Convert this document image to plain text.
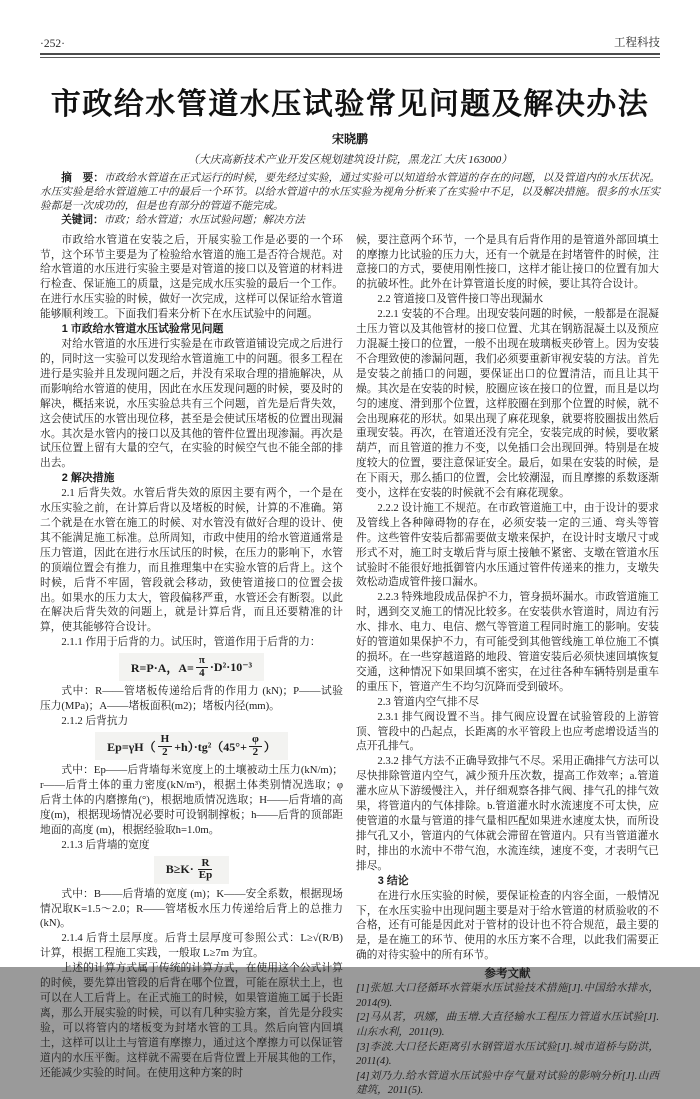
·252·	工程科技
市政给水管道水压试验常见问题及解决办法
宋晓鹏
（大庆高新技术产业开发区规划建筑设计院，黑龙江 大庆 163000）

摘　要：市政给水管道在正式运行的时候，要先经过实验，通过实验可以知道给水管道的存在的问题，以及管道内的水压状况。水压实验是给水管道施工中的最后一个环节。以给水管道中的水压实验为视角分析来了在实验中不足，以及解决措施。很多的水压实验都是一次成功的，但是也有部分的管道不能完成。

关键词：市政；给水管道；水压试验问题；解决方法

市政给水管道在安装之后，开展实验工作是必要的一个环节，这个环节主要是为了检验给水管道的施工是否符合规范。对给水管道的水压进行实验主要是对管道的接口以及管道的材料进行检查、保证施工的质量，这是完成水压实验的最后一个工作。在进行水压实验的时候，做好一次完成，这样可以保证给水管道能够顺利竣工。下面我们看来分析下在水压试验中的问题。

1 市政给水管道水压试验常见问题

对给水管道的水压进行实验是在市政管道铺设完成之后进行的，同时这一实验可以发现给水管道施工中的问题。很多工程在进行是实验并且发现问题之后，并没有采取合理的措施解决，从而影响给水管道的使用，因此在水压发现问题的时候，要及时的解决，概括来说，水压实验总共有三个问题，首先是后背失效，这会使试压的水管出现位移，甚至是会使试压堵板的位置出现漏水。其次是水管内的接口以及其他的管件位置出现渗漏。再次是试压位置上留有大量的空气，在实验的时候空气也不能全部的排出去。

2 解决措施

2.1 后背失效。水管后背失效的原因主要有两个，一个是在水压实验之前，在计算后背以及堵板的时候，计算的不准确。第二个就是在水管在施工的时候、对水管没有做好合理的设计、使其不能满足施工标准。总所周知，市政中使用的给水管道通常是压力管道，因此在进行水压试压的时候，在压力的影响下，水管的顶端位置会有推力，而且推理集中在实验水管的后背上。这个时候，后背不牢固，管段就会移动，致使管道接口的位置会拔出。如果水的压力太大，管段偏移严重，水管还会有断裂。以此在解决后背失效的问题上，就是计算后背，而且还要精准的计算，使其能够符合设计。

2.1.1 作用于后背的力。试压时，管道作用于后背的力：

R=P·A，$A= \frac{\pi}{4} \cdot D^2\cdot 10^{-3}$

式中：R——管堵板传递给后背的作用力 (kN)；P——试验压力(MPa)；A——堵板面积(m2)；堵板内径(mm)。

2.1.2 后背抗力

$Ep=\gamma H( \frac{H}{2} +h)\cdot tg^2(45^\circ+ \frac{\varphi}{2}$ ）

式中：Ep——后背墙每米宽度上的土壤被动土压力(kN/m)；r——后背土体的重力密度(kN/m³)，根据土体类别情况选取；φ 后背土体的内磨擦角(°)，根据地质情况选取；H——后背墙的高度(m)，根据现场情况必要时可设钢制撑板；h——后背的顶部距地面的高度 (m)，根据经验取h=1.0m。

2.1.3 后背墙的宽度

$B\ge K\cdot \frac{R}{Ep}$

式中：B——后背墙的宽度 (m)；K——安全系数，根据现场情况取K=1.5～2.0；R——管堵板水压力传递给后背上的总推力(kN)。

2.1.4 后背土层厚度。后背土层厚度可参照公式：L≥√(R/B) 计算，根据工程施工实践，一般取 L≥7m 为宜。

上述的计算方式属于传统的计算方式，在使用这个公式计算的时候，要先算出管段的后背在哪个位置，可能在原状土上，也可以在人工后背上。在正式施工的时候，如果管道施工属于长距离，那么开展实验的时候，可以有几种实验方案，首先是分段实验，可以将管内的堵板变为封堵水管的工具。然后向管内回填土，这样可以让土与管道有摩擦力，通过这个摩擦力可以保证管道内的水压平衡。这样就不需要在后背位置上开展其他的工作，还能减少实验的时间。在使用这种方案的时

候，要注意两个环节，一个是具有后背作用的是管道外部回填土的摩擦力比试验的压力大，还有一个就是在封堵管件的时候，注意接口的方式，要使用刚性接口，这样才能让接口的位置有加大的抗破坏性。此外在计算管道长度的时候，要让其符合设计。

2.2 管道接口及管件接口等出现漏水

2.2.1 安装的不合理。出现安装问题的时候，一般都是在混凝土压力管以及其他管材的接口位置、尤其在钢筋混凝土以及预应力混凝土接口的位置，一般不出现在玻璃板夹砂管上。因为安装不合理致使的渗漏问题，我们必须要重新审视安装的方法。首先是安装之前插口的问题，要保证出口的位置清洁，而且让其干燥。其次是在安装的时候，胶圈应该在接口的位置，而且是以均匀的速度、滑到那个位置，这样胶圈在到那个位置的时候，就不会出现麻花的形状。如果出现了麻花现象，就要将胶圈拔出然后重现安装。再次，在管道还没有完全，安装完成的时候，要收紧葫芦，而且管道的推力不变，以免插口会出现回弹。特别是在坡度较大的位置，要注意保证安全。最后，如果在安装的时候，是在下雨天，那么插口的位置，会比较潮湿，而且摩擦的系数逐渐变小，这样在安装的时候就不会有麻花现象。

2.2.2 设计施工不规范。在市政管道施工中，由于设计的要求及管线上各种障碍物的存在，必须安装一定的三通、弯头等管件。这些管件安装后都需要做支墩来保护，在设计时支墩尺寸或形式不对，施工时支墩后背与原土接触不紧密、支墩在管道水压试验时不能很好地抵御管内水压通过管件传递来的推力，支墩失效松动造成管件接口漏水。

2.2.3 特殊地段成品保护不力，管身损坏漏水。市政管道施工时，遇到交叉施工的情况比较多。在安装供水管道时，周边有污水、排水、电力、电信、燃气等管道工程同时施工的影响。安装好的管道如果保护不力，有可能受到其他管线施工单位施工不慎的损坏。在一些穿越道路的地段、管道安装后必须快速回填恢复交通，这种情况下如果回填不密实，在过往各种车辆特别是重车的重压下，管道产生不均匀沉降而受到破坏。

2.3 管道内空气排不尽

2.3.1 排气阀设置不当。排气阀应设置在试验管段的上游管顶、管段中的凸起点，长距离的水平管段上也应考虑增设适当的点开孔排气。

2.3.2 排气方法不正确导致排气不尽。采用正确排气方法可以尽快排除管道内空气，减少预升压次数，提高工作效率；a.管道灌水应从下游缓慢注入，并仔细观察各排气阀、排气孔的排气效果，将管道内的气体排除。b.管道灌水时水流速度不可太快，应使管道的水量与管道的排气量相匹配如果进水速度太快，而所设排气孔又小，管道内的气体就会滞留在管道内。只有当管道灌水时，排出的水流中不带气泡，水流连续，速度不变，才表明气已排尽。

3 结论

在进行水压实验的时候，要保证检查的内容全面，一般情况下，在水压实验中出现问题主要是对于给水管道的材质验收的不合格，还有可能是因此对于管材的设计也不符合规范，最主要的是，是在施工的环节、使用的水压方案不合理，以此我们需要正确的对待实验中的所有环节。

参考文献

[1]张旭.大口径循环水管渠水压试验技术措施[J].中国给水排水，2014(9).

[2]马从茗，巩娜，曲玉增.大直径输水工程压力管道水压试验[J].山东水利，2011(9).

[3]李波.大口径长距离引水钢管道水压试验[J].城市道桥与防洪，2011(4).

[4]刘乃力.给水管道水压试验中存气量对试验的影响分析[J].山西建筑，2011(5).
